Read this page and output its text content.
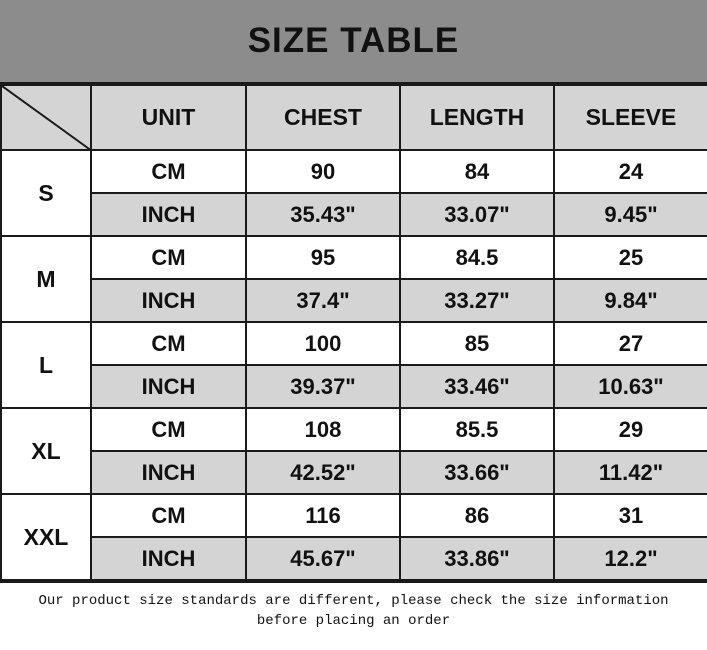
SIZE TABLE
	UNIT	CHEST	LENGTH	SLEEVE
S	CM	90	84	24
	INCH	35.43"	33.07"	9.45"
M	CM	95	84.5	25
	INCH	37.4"	33.27"	9.84"
L	CM	100	85	27
	INCH	39.37"	33.46"	10.63"
XL	CM	108	85.5	29
	INCH	42.52"	33.66"	11.42"
XXL	CM	116	86	31
	INCH	45.67"	33.86"	12.2"
Our product size standards are different, please check the size information
before placing an order
